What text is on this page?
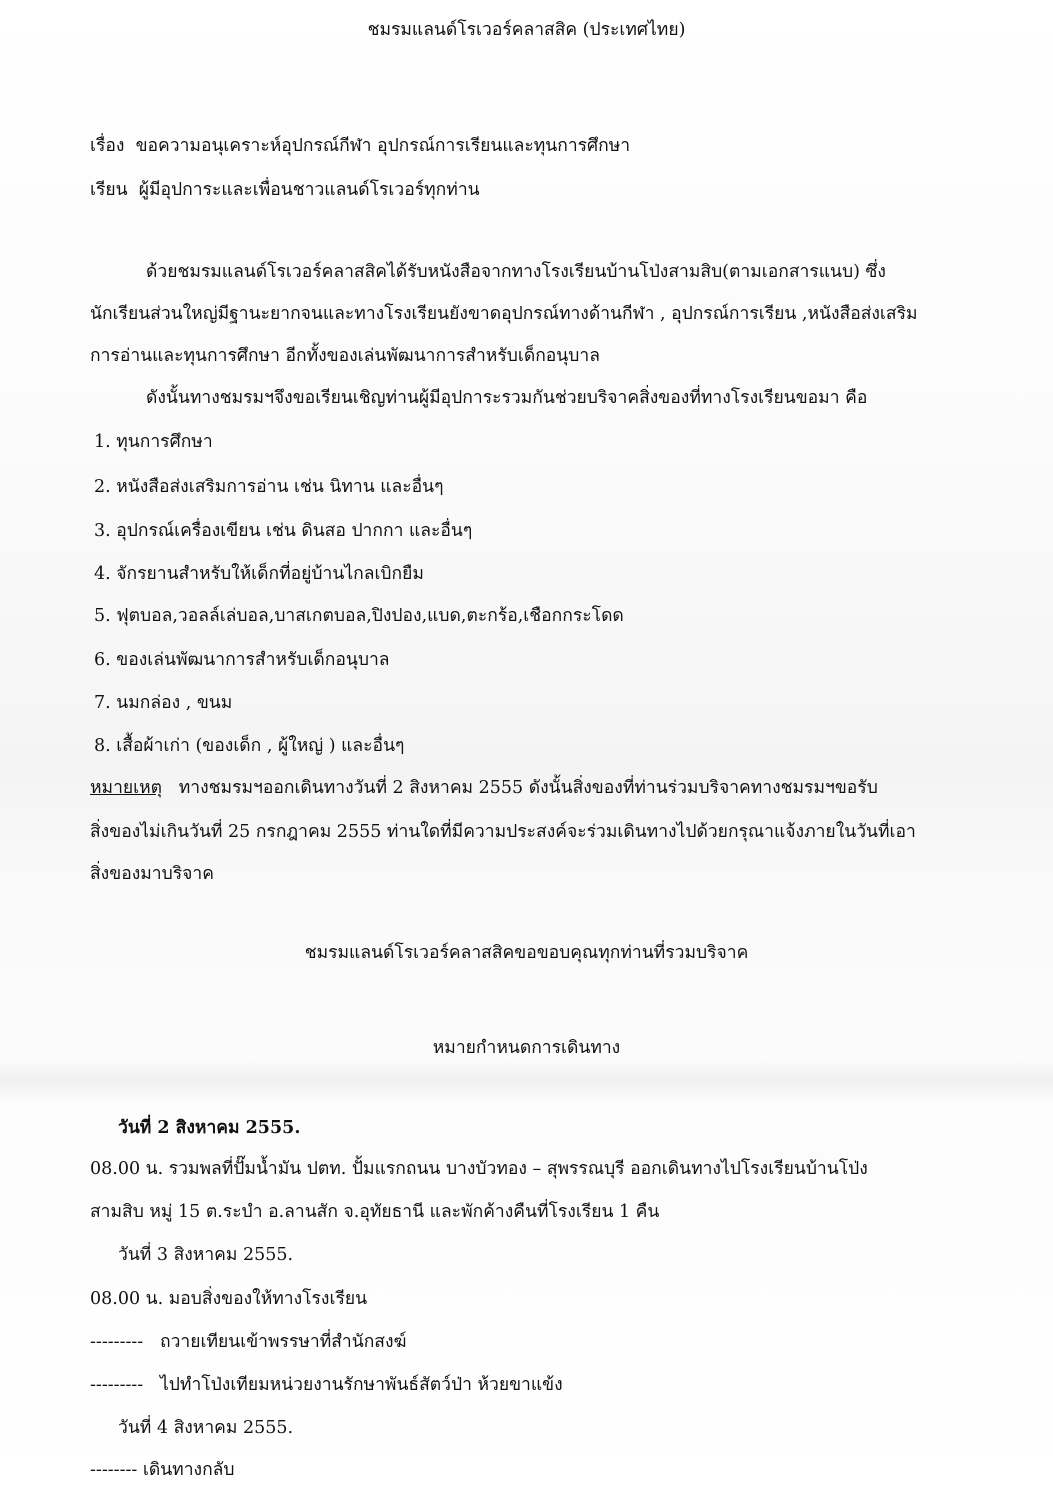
ชมรมแลนด์โรเวอร์คลาสสิค (ประเทศไทย)
เรื่อง ขอความอนุเคราะห์อุปกรณ์กีฬา อุปกรณ์การเรียนและทุนการศึกษา
เรียน ผู้มีอุปการะและเพื่อนชาวแลนด์โรเวอร์ทุกท่าน
ด้วยชมรมแลนด์โรเวอร์คลาสสิคได้รับหนังสือจากทางโรงเรียนบ้านโป่งสามสิบ(ตามเอกสารแนบ) ซึ่ง
นักเรียนส่วนใหญ่มีฐานะยากจนและทางโรงเรียนยังขาดอุปกรณ์ทางด้านกีฬา , อุปกรณ์การเรียน ,หนังสือส่งเสริม
การอ่านและทุนการศึกษา อีกทั้งของเล่นพัฒนาการสำหรับเด็กอนุบาล
ดังนั้นทางชมรมฯจึงขอเรียนเชิญท่านผู้มีอุปการะรวมกันช่วยบริจาคสิ่งของที่ทางโรงเรียนขอมา คือ
1. ทุนการศึกษา
2. หนังสือส่งเสริมการอ่าน เช่น นิทาน และอื่นๆ
3. อุปกรณ์เครื่องเขียน เช่น ดินสอ ปากกา และอื่นๆ
4. จักรยานสำหรับให้เด็กที่อยู่บ้านไกลเบิกยืม
5. ฟุตบอล,วอลล์เล่บอล,บาสเกตบอล,ปิงปอง,แบด,ตะกร้อ,เชือกกระโดด
6. ของเล่นพัฒนาการสำหรับเด็กอนุบาล
7. นมกล่อง , ขนม
8. เสื้อผ้าเก่า (ของเด็ก , ผู้ใหญ่ ) และอื่นๆ
หมายเหตุ ทางชมรมฯออกเดินทางวันที่ 2 สิงหาคม 2555 ดังนั้นสิ่งของที่ท่านร่วมบริจาคทางชมรมฯขอรับ
สิ่งของไม่เกินวันที่ 25 กรกฎาคม 2555 ท่านใดที่มีความประสงค์จะร่วมเดินทางไปด้วยกรุณาแจ้งภายในวันที่เอา
สิ่งของมาบริจาค
ชมรมแลนด์โรเวอร์คลาสสิคขอขอบคุณทุกท่านที่รวมบริจาค
หมายกำหนดการเดินทาง
วันที่ 2 สิงหาคม 2555.
08.00 น. รวมพลที่ปั๊มน้ำมัน ปตท. ปั้มแรกถนน บางบัวทอง – สุพรรณบุรี ออกเดินทางไปโรงเรียนบ้านโป่ง
สามสิบ หมู่ 15 ต.ระบำ อ.ลานสัก จ.อุทัยธานี และพักค้างคืนที่โรงเรียน 1 คืน
วันที่ 3 สิงหาคม 2555.
08.00 น. มอบสิ่งของให้ทางโรงเรียน
--------- ถวายเทียนเข้าพรรษาที่สำนักสงฆ์
--------- ไปทำโป่งเทียมหน่วยงานรักษาพันธ์สัตว์ป่า ห้วยขาแข้ง
วันที่ 4 สิงหาคม 2555.
-------- เดินทางกลับ
